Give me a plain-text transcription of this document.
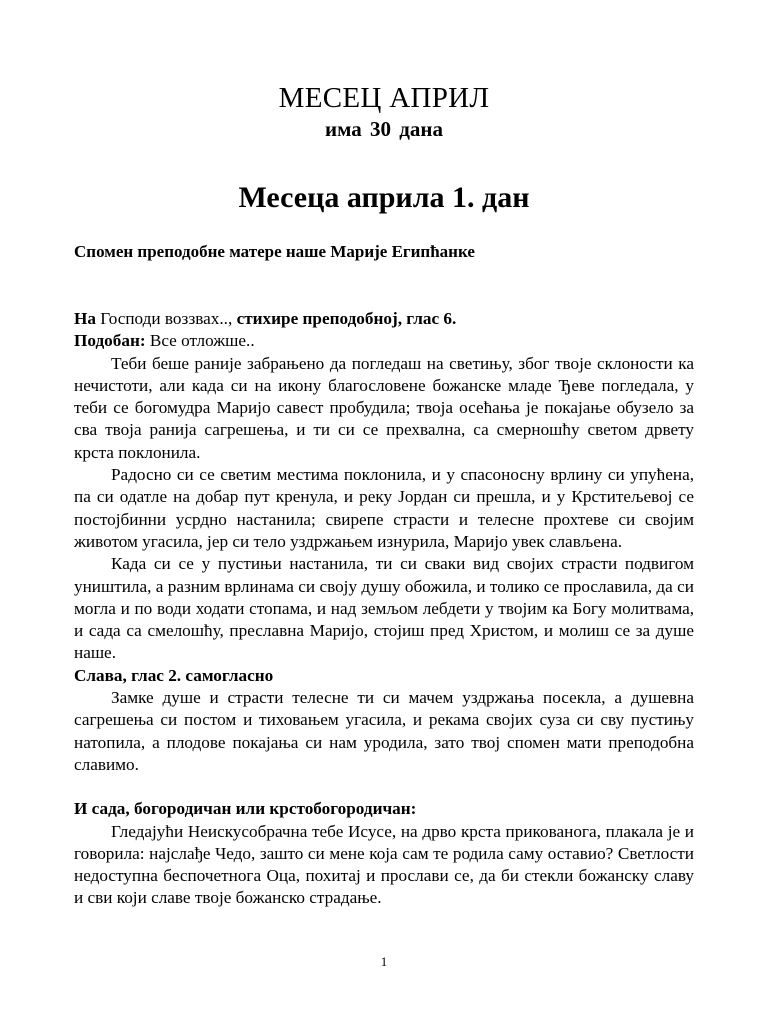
МЕСЕЦ АПРИЛ

има 30 дана

Месеца априла 1. дан

Спомен преподобне матере наше Марије Египћанке

На Господи воззвах.., стихире преподобној, глас 6.

Подобан: Все отложше..

Теби беше раније забрањено да погледаш на светињу, због твоје склоности ка нечистоти, али када си на икону благословене божанске младе Ђеве погледала, у теби се богомудра Маријо савест пробудила; твоја осећања је покајање обузело за сва твоја ранија сагрешења, и ти си се прехвална, са смерношћу светом дрвету крста поклонила.

Радосно си се светим местима поклонила, и у спасоносну врлину си упућена, па си одатле на добар пут кренула, и реку Јордан си прешла, и у Крститељевој се постојбинни усрдно настанила; свирепе страсти и телесне прохтеве си својим животом угасила, јер си тело уздржањем изнурила, Маријо увек слављена.

Када си се у пустињи настанила, ти си сваки вид својих страсти подвигом уништила, а разним врлинама си своју душу обожила, и толико се прославила, да си могла и по води ходати стопама, и над земљом лебдети у твојим ка Богу молитвама, и сада са смелошћу, преславна Маријо, стојиш пред Христом, и молиш се за душе наше.

Слава, глас 2. самогласно

Замке душе и страсти телесне ти си мачем уздржања посекла, а душевна сагрешења си постом и тиховањем угасила, и рекама својих суза си сву пустињу натопила, а плодове покајања си нам уродила, зато твој спомен мати преподобна славимо.

И сада, богородичан или крстобогородичан:

Гледајући Неискусобрачна тебе Исусе, на дрво крста прикованога, плакала је и говорила: најслађе Чедо, зашто си мене која сам те родила саму оставио? Светлости недоступна беспочетнога Оца, похитај и прослави се, да би стекли божанску славу и сви који славе твоје божанско страдање.

1
